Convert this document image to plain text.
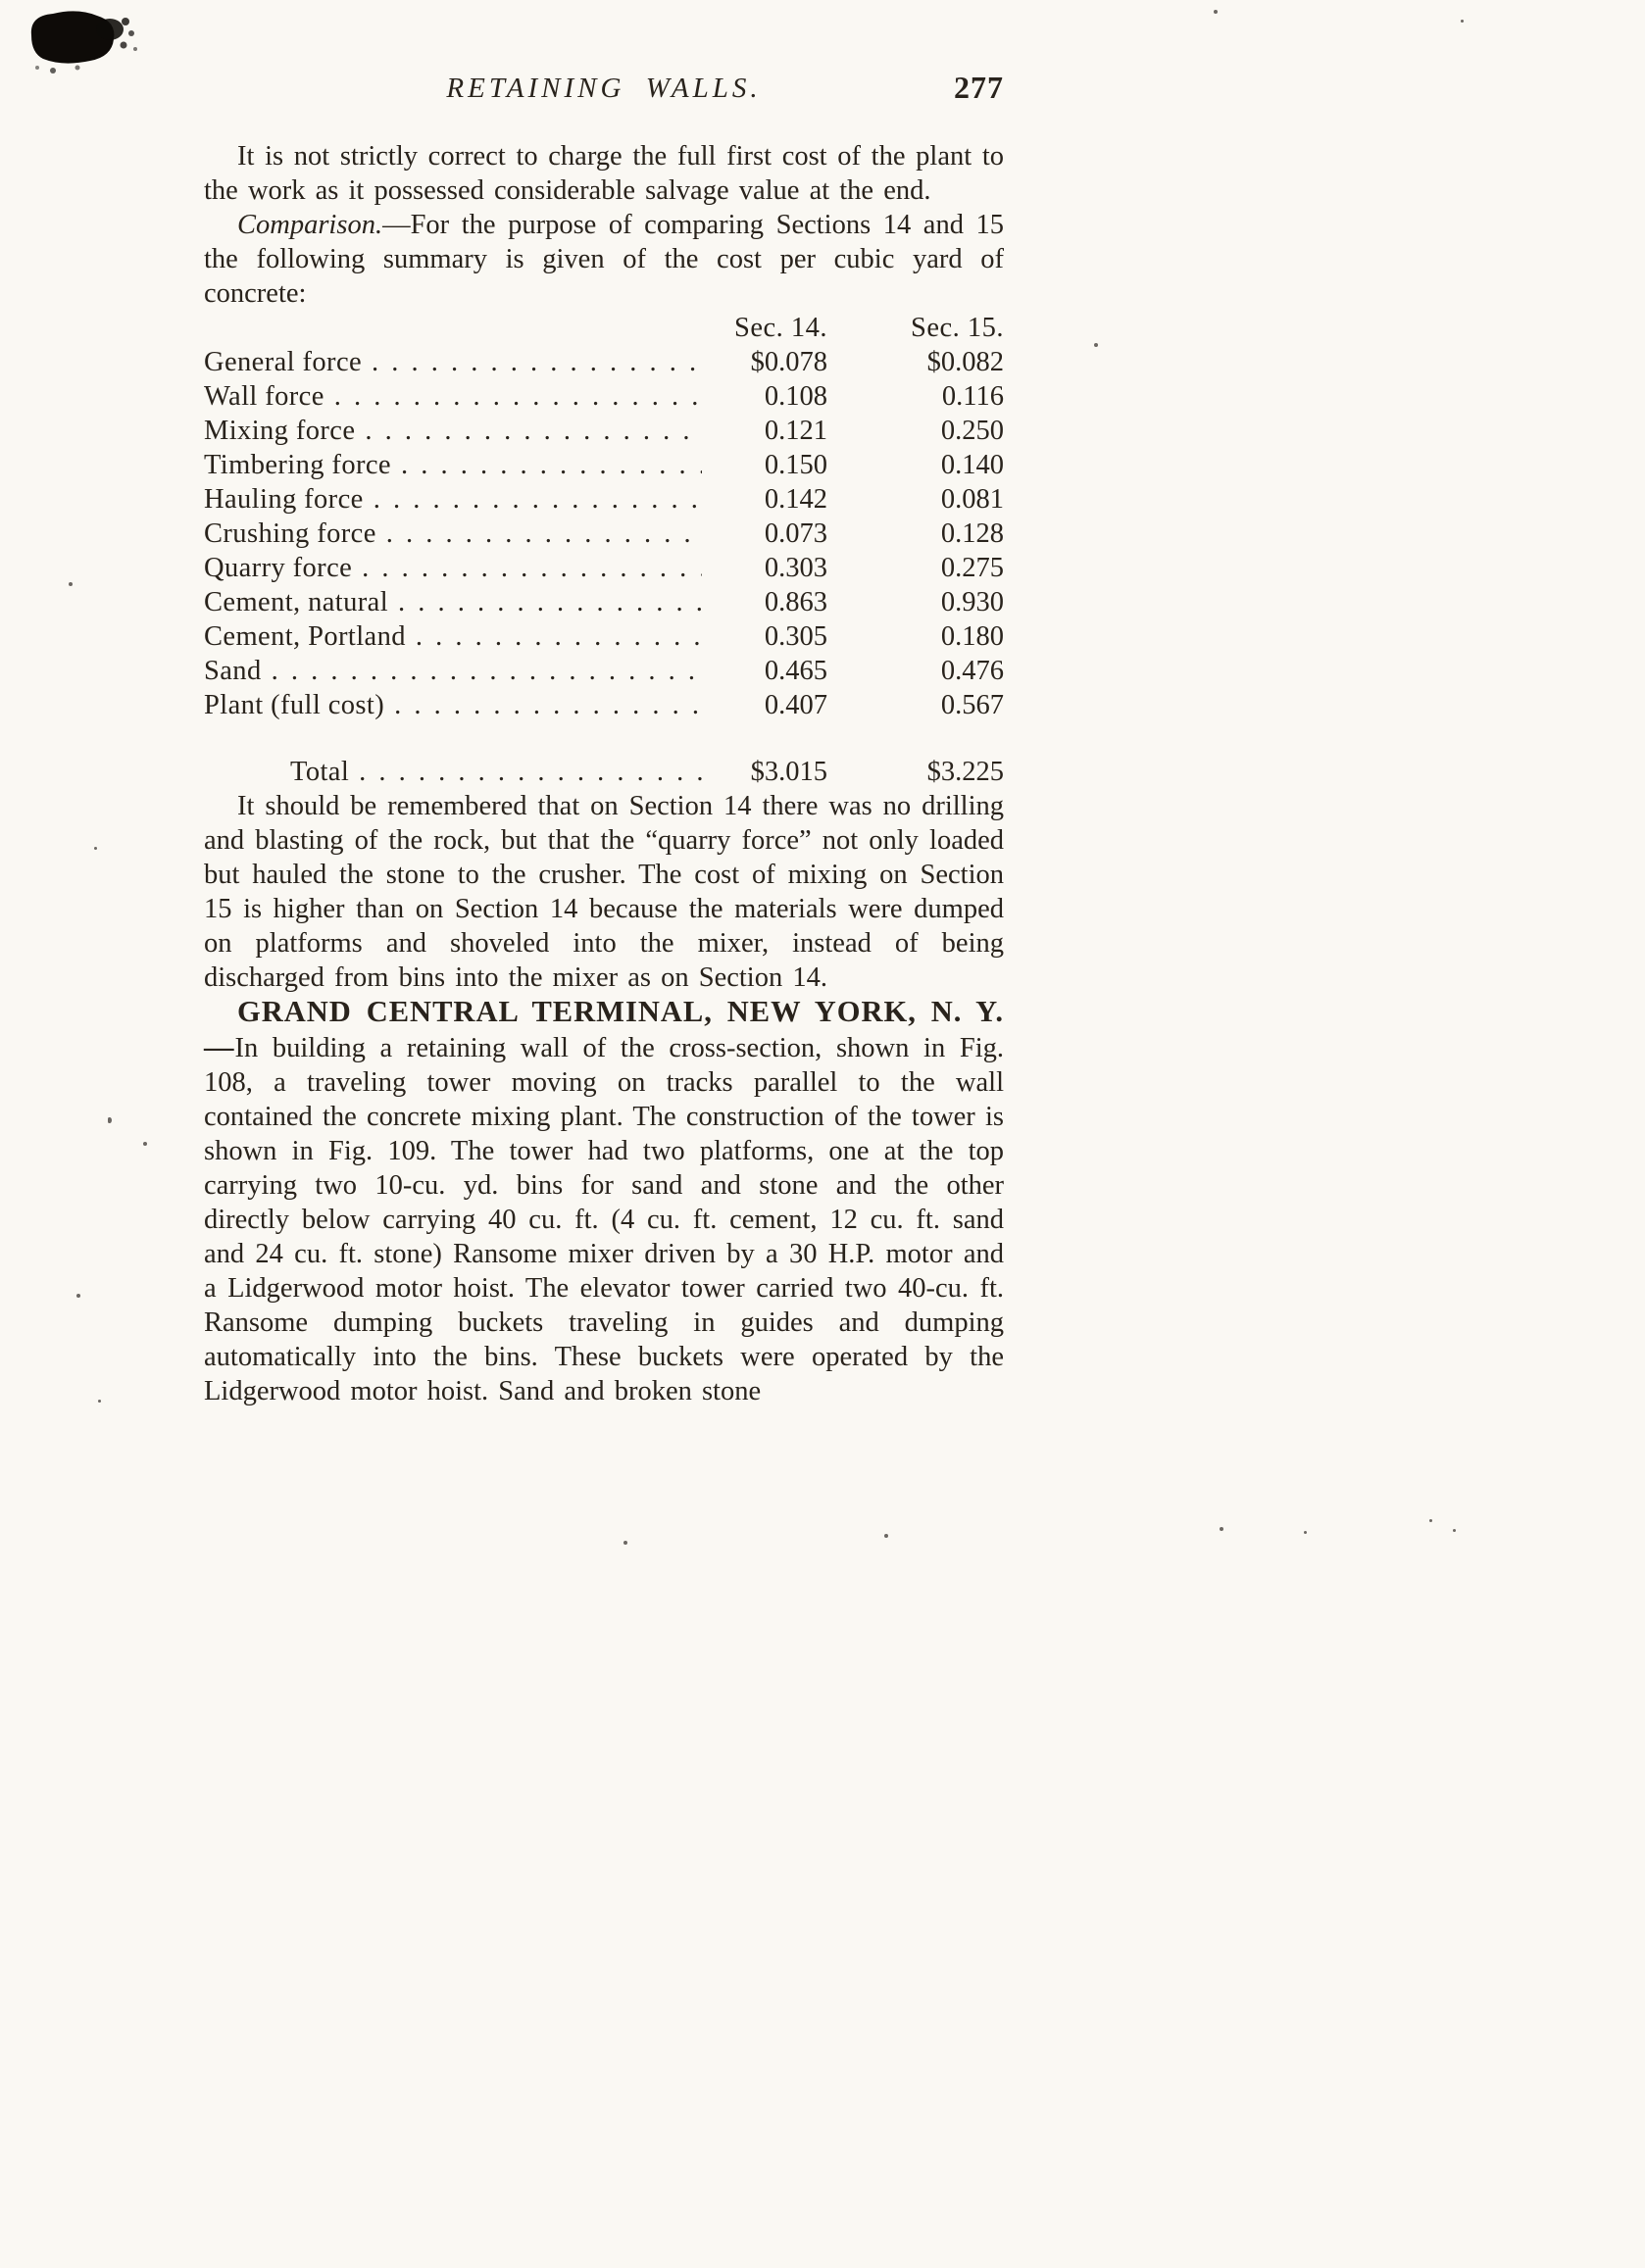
RETAINING WALLS.	277

It is not strictly correct to charge the full first cost of the plant to the work as it possessed considerable salvage value at the end.

Comparison.—For the purpose of comparing Sections 14 and 15 the following summary is given of the cost per cubic yard of concrete:

Sec. 14.	Sec. 15.
General force . . .	$0.078	$0.082
Wall force . . .	0.108	0.116
Mixing force . . .	0.121	0.250
Timbering force . . .	0.150	0.140
Hauling force . . .	0.142	0.081
Crushing force . . .	0.073	0.128
Quarry force . . .	0.303	0.275
Cement, natural . . .	0.863	0.930
Cement, Portland . . .	0.305	0.180
Sand . . .	0.465	0.476
Plant (full cost) . . .	0.407	0.567
Total . . .	$3.015	$3.225

It should be remembered that on Section 14 there was no drilling and blasting of the rock, but that the “quarry force” not only loaded but hauled the stone to the crusher. The cost of mixing on Section 15 is higher than on Section 14 because the materials were dumped on platforms and shoveled into the mixer, instead of being discharged from bins into the mixer as on Section 14.

GRAND CENTRAL TERMINAL, NEW YORK, N. Y.—In building a retaining wall of the cross-section, shown in Fig. 108, a traveling tower moving on tracks parallel to the wall contained the concrete mixing plant. The construction of the tower is shown in Fig. 109. The tower had two platforms, one at the top carrying two 10-cu. yd. bins for sand and stone and the other directly below carrying 40 cu. ft. (4 cu. ft. cement, 12 cu. ft. sand and 24 cu. ft. stone) Ransome mixer driven by a 30 H.P. motor and a Lidgerwood motor hoist. The elevator tower carried two 40-cu. ft. Ransome dumping buckets traveling in guides and dumping automatically into the bins. These buckets were operated by the Lidgerwood motor hoist. Sand and broken stone
